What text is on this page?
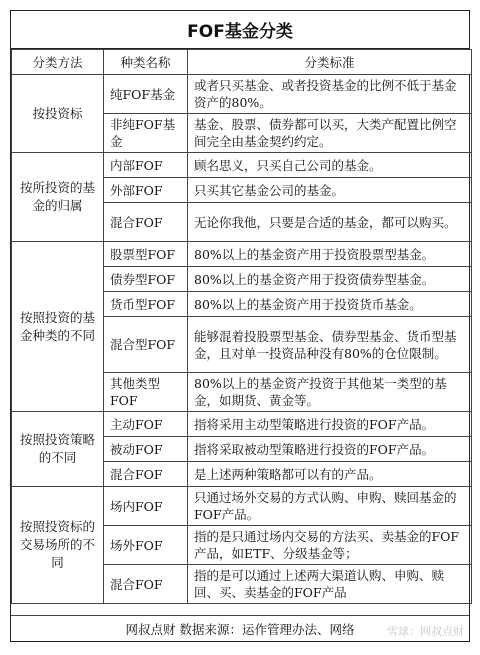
FOF基金分类
分类方法	种类名称	分类标准
按投资标	纯FOF基金	或者只买基金、或者投资基金的比例不低于基金资产的80%。
	非纯FOF基金	基金、股票、债券都可以买，大类产配置比例空间完全由基金契约约定。
按所投资的基金的归属	内部FOF	顾名思义，只买自己公司的基金。
	外部FOF	只买其它基金公司的基金。
	混合FOF	无论你我他，只要是合适的基金，都可以购买。
按照投资的基金种类的不同	股票型FOF	80%以上的基金资产用于投资股票型基金。
	债券型FOF	80%以上的基金资产用于投资债券型基金。
	货币型FOF	80%以上的基金资产用于投资货币基金。
	混合型FOF	能够混着投股票型基金、债券型基金、货币型基金，且对单一投资品种没有80%的仓位限制。
	其他类型FOF	80%以上的基金资产投资于其他某一类型的基金，如期货、黄金等。
按照投资策略的不同	主动FOF	指将采用主动型策略进行投资的FOF产品。
	被动FOF	指将采取被动型策略进行投资的FOF产品。
	混合FOF	是上述两种策略都可以有的产品。
按照投资标的交易场所的不同	场内FOF	只通过场外交易的方式认购、申购、赎回基金的FOF产品。
	场外FOF	指的是只通过场内交易的方法买、卖基金的FOF产品，如ETF、分级基金等；
	混合FOF	指的是可以通过上述两大渠道认购、申购、赎回、买、卖基金的FOF产品
网叔点财 数据来源：运作管理办法、网络	雪球：网叔点财
